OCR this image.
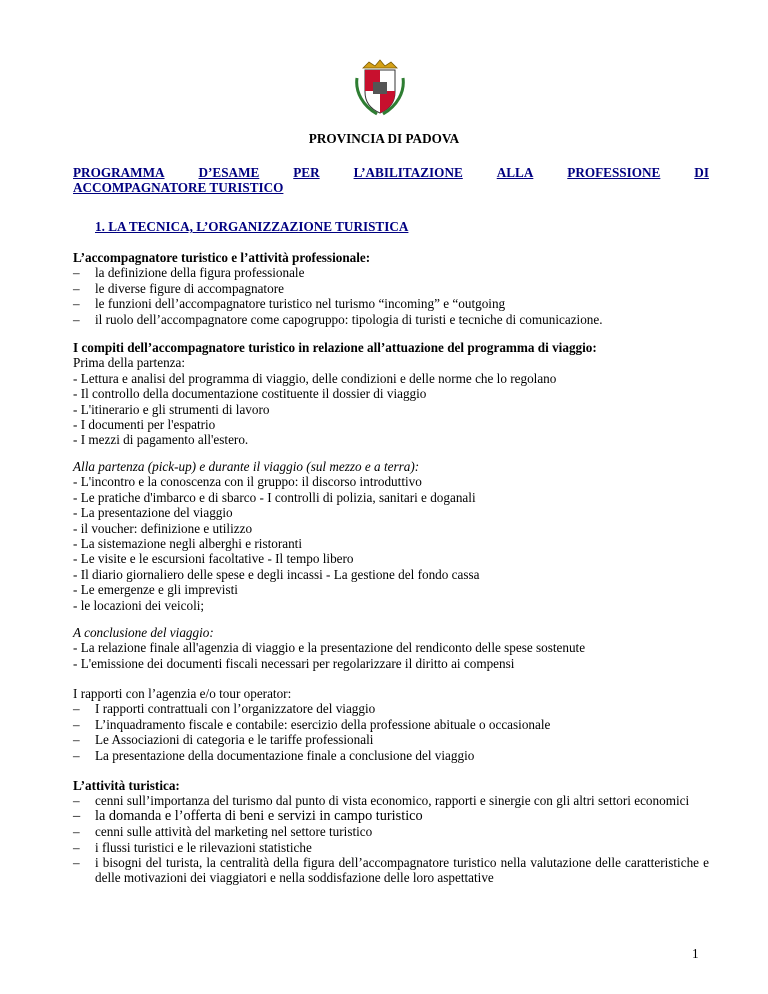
PROVINCIA DI PADOVA
PROGRAMMA	D’ESAME	PER	L’ABILITAZIONE	ALLA	PROFESSIONE	DI
ACCOMPAGNATORE TURISTICO
1. LA TECNICA, L’ORGANIZZAZIONE TURISTICA
L’accompagnatore turistico e l’attività professionale:
– la definizione della figura professionale
– le diverse figure di accompagnatore
– le funzioni dell’accompagnatore turistico nel turismo “incoming” e “outgoing
– il ruolo dell’accompagnatore come capogruppo: tipologia di turisti e tecniche di comunicazione.
I compiti dell’accompagnatore turistico in relazione all’attuazione del programma di viaggio:
Prima della partenza:
- Lettura e analisi del programma di viaggio, delle condizioni e delle norme che lo regolano
- Il controllo della documentazione costituente il dossier di viaggio
- L'itinerario e gli strumenti di lavoro
- I documenti per l'espatrio
- I mezzi di pagamento all'estero.
Alla partenza (pick-up) e durante il viaggio (sul mezzo e a terra):
- L'incontro e la conoscenza con il gruppo: il discorso introduttivo
- Le pratiche d'imbarco e di sbarco - I controlli di polizia, sanitari e doganali
- La presentazione del viaggio
- il voucher: definizione e utilizzo
- La sistemazione negli alberghi e ristoranti
- Le visite e le escursioni facoltative - Il tempo libero
- Il diario giornaliero delle spese e degli incassi - La gestione del fondo cassa
- Le emergenze e gli imprevisti
- le locazioni dei veicoli;
A conclusione del viaggio:
- La relazione finale all'agenzia di viaggio e la presentazione del rendiconto delle spese sostenute
- L'emissione dei documenti fiscali necessari per regolarizzare il diritto ai compensi
I rapporti con l’agenzia e/o tour operator:
– I rapporti contrattuali con l’organizzatore del viaggio
– L’inquadramento fiscale e contabile: esercizio della professione abituale o occasionale
– Le Associazioni di categoria e le tariffe professionali
– La presentazione della documentazione finale a conclusione del viaggio
L’attività turistica:
– cenni sull’importanza del turismo dal punto di vista economico, rapporti e sinergie con gli altri settori economici
– la domanda e l’offerta di beni e servizi in campo turistico
– cenni sulle attività del marketing nel settore turistico
– i flussi turistici e le rilevazioni statistiche
– i bisogni del turista, la centralità della figura dell’accompagnatore turistico nella valutazione delle caratteristiche e delle motivazioni dei viaggiatori e nella soddisfazione delle loro aspettative
1
